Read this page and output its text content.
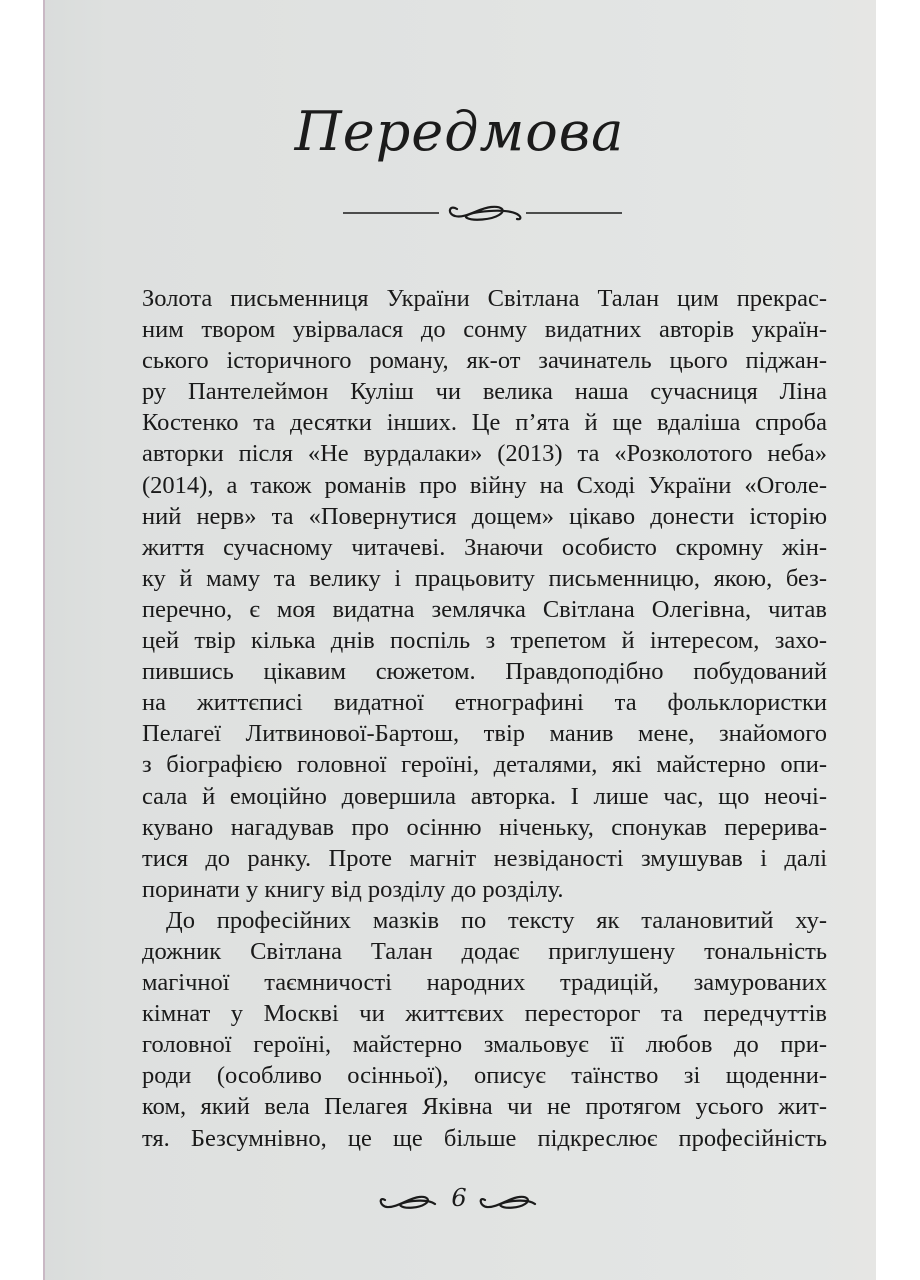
Передмова

Золота письменниця України Світлана Талан цим прекрас-
ним твором увірвалася до сонму видатних авторів україн-
ського історичного роману, як-от зачинатель цього піджан-
ру Пантелеймон Куліш чи велика наша сучасниця Ліна
Костенко та десятки інших. Це п’ята й ще вдаліша спроба
авторки після «Не вурдалаки» (2013) та «Розколотого неба»
(2014), а також романів про війну на Сході України «Оголе-
ний нерв» та «Повернутися дощем» цікаво донести історію
життя сучасному читачеві. Знаючи особисто скромну жін-
ку й маму та велику і працьовиту письменницю, якою, без-
перечно, є моя видатна землячка Світлана Олегівна, читав
цей твір кілька днів поспіль з трепетом й інтересом, захо-
пившись цікавим сюжетом. Правдоподібно побудований
на життєписі видатної етнографині та фольклористки
Пелагеї Литвинової-Бартош, твір манив мене, знайомого
з біографією головної героїні, деталями, які майстерно опи-
сала й емоційно довершила авторка. І лише час, що неочі-
кувано нагадував про осінню ніченьку, спонукав перерива-
тися до ранку. Проте магніт незвіданості змушував і далі
поринати у книгу від розділу до розділу.

До професійних мазків по тексту як талановитий ху-
дожник Світлана Талан додає приглушену тональність
магічної таємничості народних традицій, замурованих
кімнат у Москві чи життєвих пересторог та передчуттів
головної героїні, майстерно змальовує її любов до при-
роди (особливо осінньої), описує таїнство зі щоденни-
ком, який вела Пелагея Яківна чи не протягом усього жит-
тя. Безсумнівно, це ще більше підкреслює професійність

6
